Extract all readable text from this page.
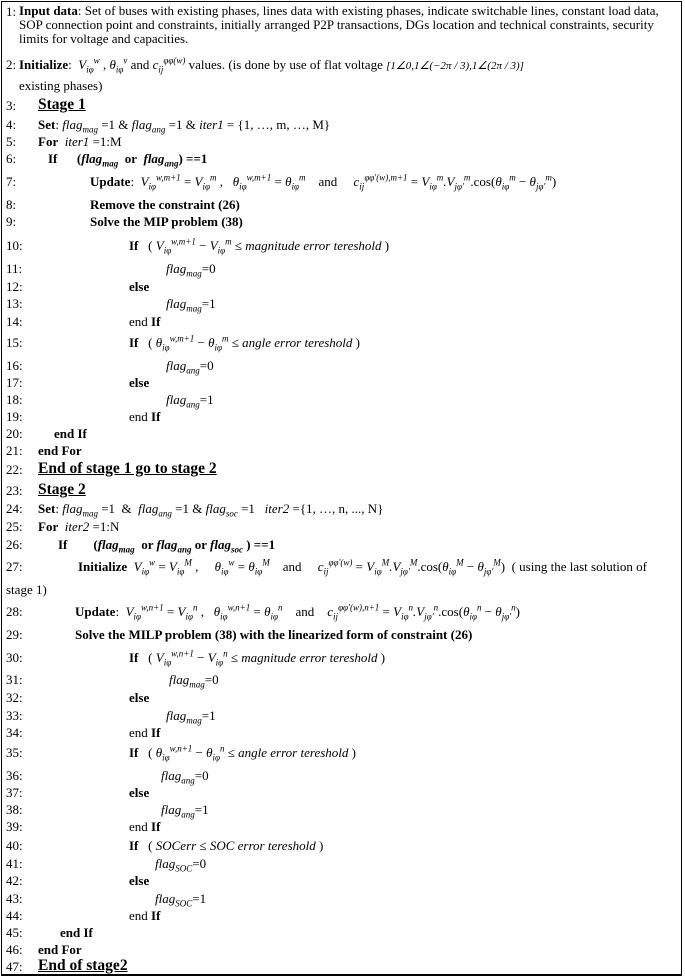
1: Input data: Set of buses with existing phases, lines data with existing phases, indicate switchable lines, constant load data, SOP connection point and constraints, initially arranged P2P transactions, DGs location and technical constraints, security limits for voltage and capacities.
2: Initialize:  $V_{i\varphi}^w$ , $\theta_{i\varphi}^v$ and $c_{ij}^{\varphi\varphi(w)}$ values. (is done by use of flat voltage [1∠0,1∠(−2π / 3),1∠(2π / 3)]
existing phases)
3: Stage 1
4: Set: flag$_{mag}$ =1 & flag$_{ang}$ =1 & iter1 = {1, …, m, …, M}
5: For iter1 =1:M
6: If      (flag$_{mag}$  or  flag$_{ang}$) ==1
7:	Update:  $V_{i\varphi}^{w,m+1} = V_{i\varphi}^m$ ,   $\theta_{i\varphi}^{w,m+1} = \theta_{i\varphi}^m$    and     $c_{ij}^{\varphi\varphi'(w),m+1} = V_{i\varphi}^m.V_{j\varphi'}^m.\cos(\theta_{i\varphi}^m - \theta_{j\varphi'}^m)$
8:	Remove the constraint (26)
9:	Solve the MIP problem (38)
10:	If   ( $V_{i\varphi}^{w,m+1} - V_{i\varphi}^m$ ≤ magnitude error tereshold )
11:	flag$_{mag}$=0
12:	else
13:	flag$_{mag}$=1
14:	end If
15:	If   ( $\theta_{i\varphi}^{w,m+1} - \theta_{i\varphi}^m$ ≤ angle error tereshold )
16:	flag$_{ang}$=0
17:	else
18:	flag$_{ang}$=1
19:	end If
20: end If
21: end For
22: End of stage 1 go to stage 2
23: Stage 2
24: Set: flag$_{mag}$ =1  &  flag$_{ang}$ =1 & flag$_{soc}$ =1   iter2 ={1, …, n, ..., N}
25: For iter2 =1:N
26:	If        (flag$_{mag}$  or flag$_{ang}$ or flag$_{soc}$ ) ==1
27:	Initialize $V_{i\varphi}^w = V_{i\varphi}^M$ ,     $\theta_{i\varphi}^w = \theta_{i\varphi}^M$    and     $c_{ij}^{\varphi\varphi'(w)} = V_{i\varphi}^M.V_{j\varphi'}^M.\cos(\theta_{i\varphi}^M - \theta_{j\varphi'}^M)$  ( using the last solution of
stage 1)
28:	Update:  $V_{i\varphi}^{w,n+1} = V_{i\varphi}^n$ ,   $\theta_{i\varphi}^{w,n+1} = \theta_{i\varphi}^n$    and    $c_{ij}^{\varphi\varphi'(w),n+1} = V_{i\varphi}^n.V_{j\varphi'}^n.\cos(\theta_{i\varphi}^n - \theta_{j\varphi'}^n)$
29:	Solve the MILP problem (38) with the linearized form of constraint (26)
30:	If   ( $V_{i\varphi}^{w,n+1} - V_{i\varphi}^n$ ≤ magnitude error tereshold )
31:	flag$_{mag}$=0
32:	else
33:	flag$_{mag}$=1
34:	end If
35:	If   ( $\theta_{i\varphi}^{w,n+1} - \theta_{i\varphi}^n$ ≤ angle error tereshold )
36:	flag$_{ang}$=0
37:	else
38:	flag$_{ang}$=1
39:	end If
40:	If   ( SOCerr ≤ SOC error tereshold )
41:	flag$_{SOC}$=0
42:	else
43:	flag$_{SOC}$=1
44:	end If
45:	end If
46: end For
47: End of stage2
